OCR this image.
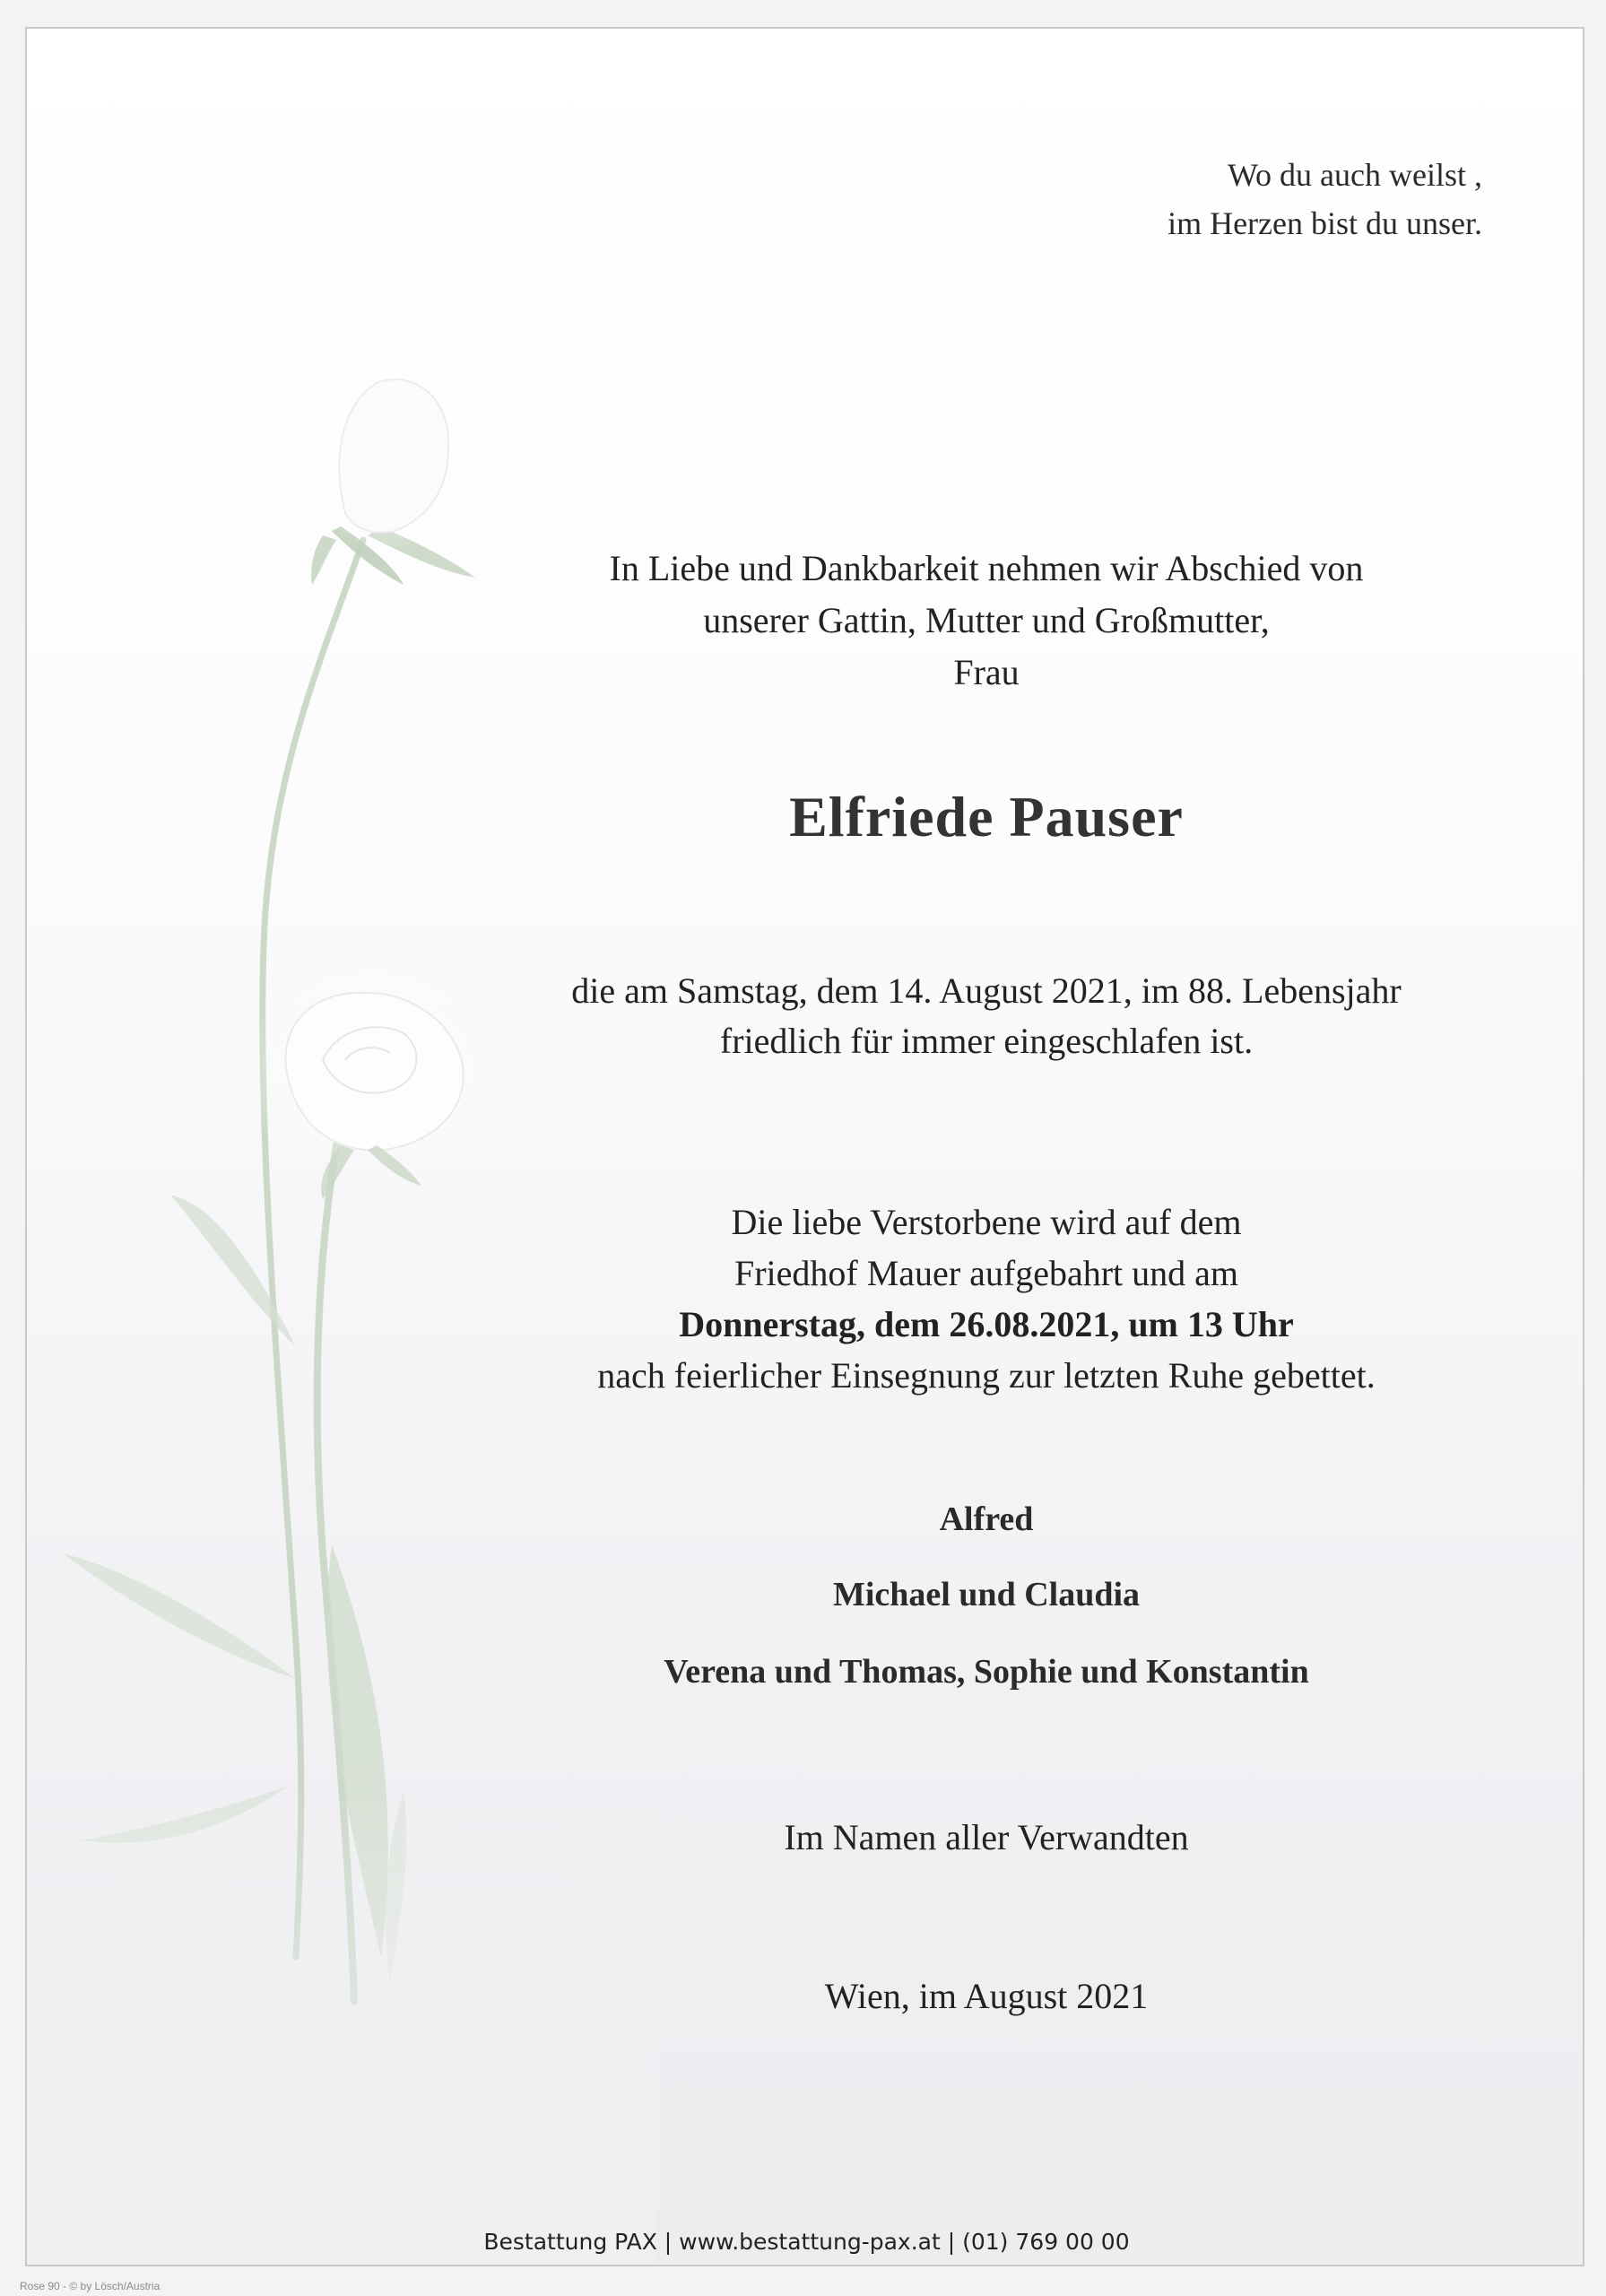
Wo du auch weilst ,
im Herzen bist du unser.
In Liebe und Dankbarkeit nehmen wir Abschied von
unserer Gattin, Mutter und Großmutter,
Frau
Elfriede Pauser
die am Samstag, dem 14. August 2021, im 88. Lebensjahr
friedlich für immer eingeschlafen ist.
Die liebe Verstorbene wird auf dem
Friedhof Mauer aufgebahrt und am
Donnerstag, dem 26.08.2021, um 13 Uhr
nach feierlicher Einsegnung zur letzten Ruhe gebettet.
Alfred
Michael und Claudia
Verena und Thomas, Sophie und Konstantin
Im Namen aller Verwandten
Wien, im August 2021
Bestattung PAX | www.bestattung-pax.at | (01) 769 00 00
Rose 90 - © by Lösch/Austria
